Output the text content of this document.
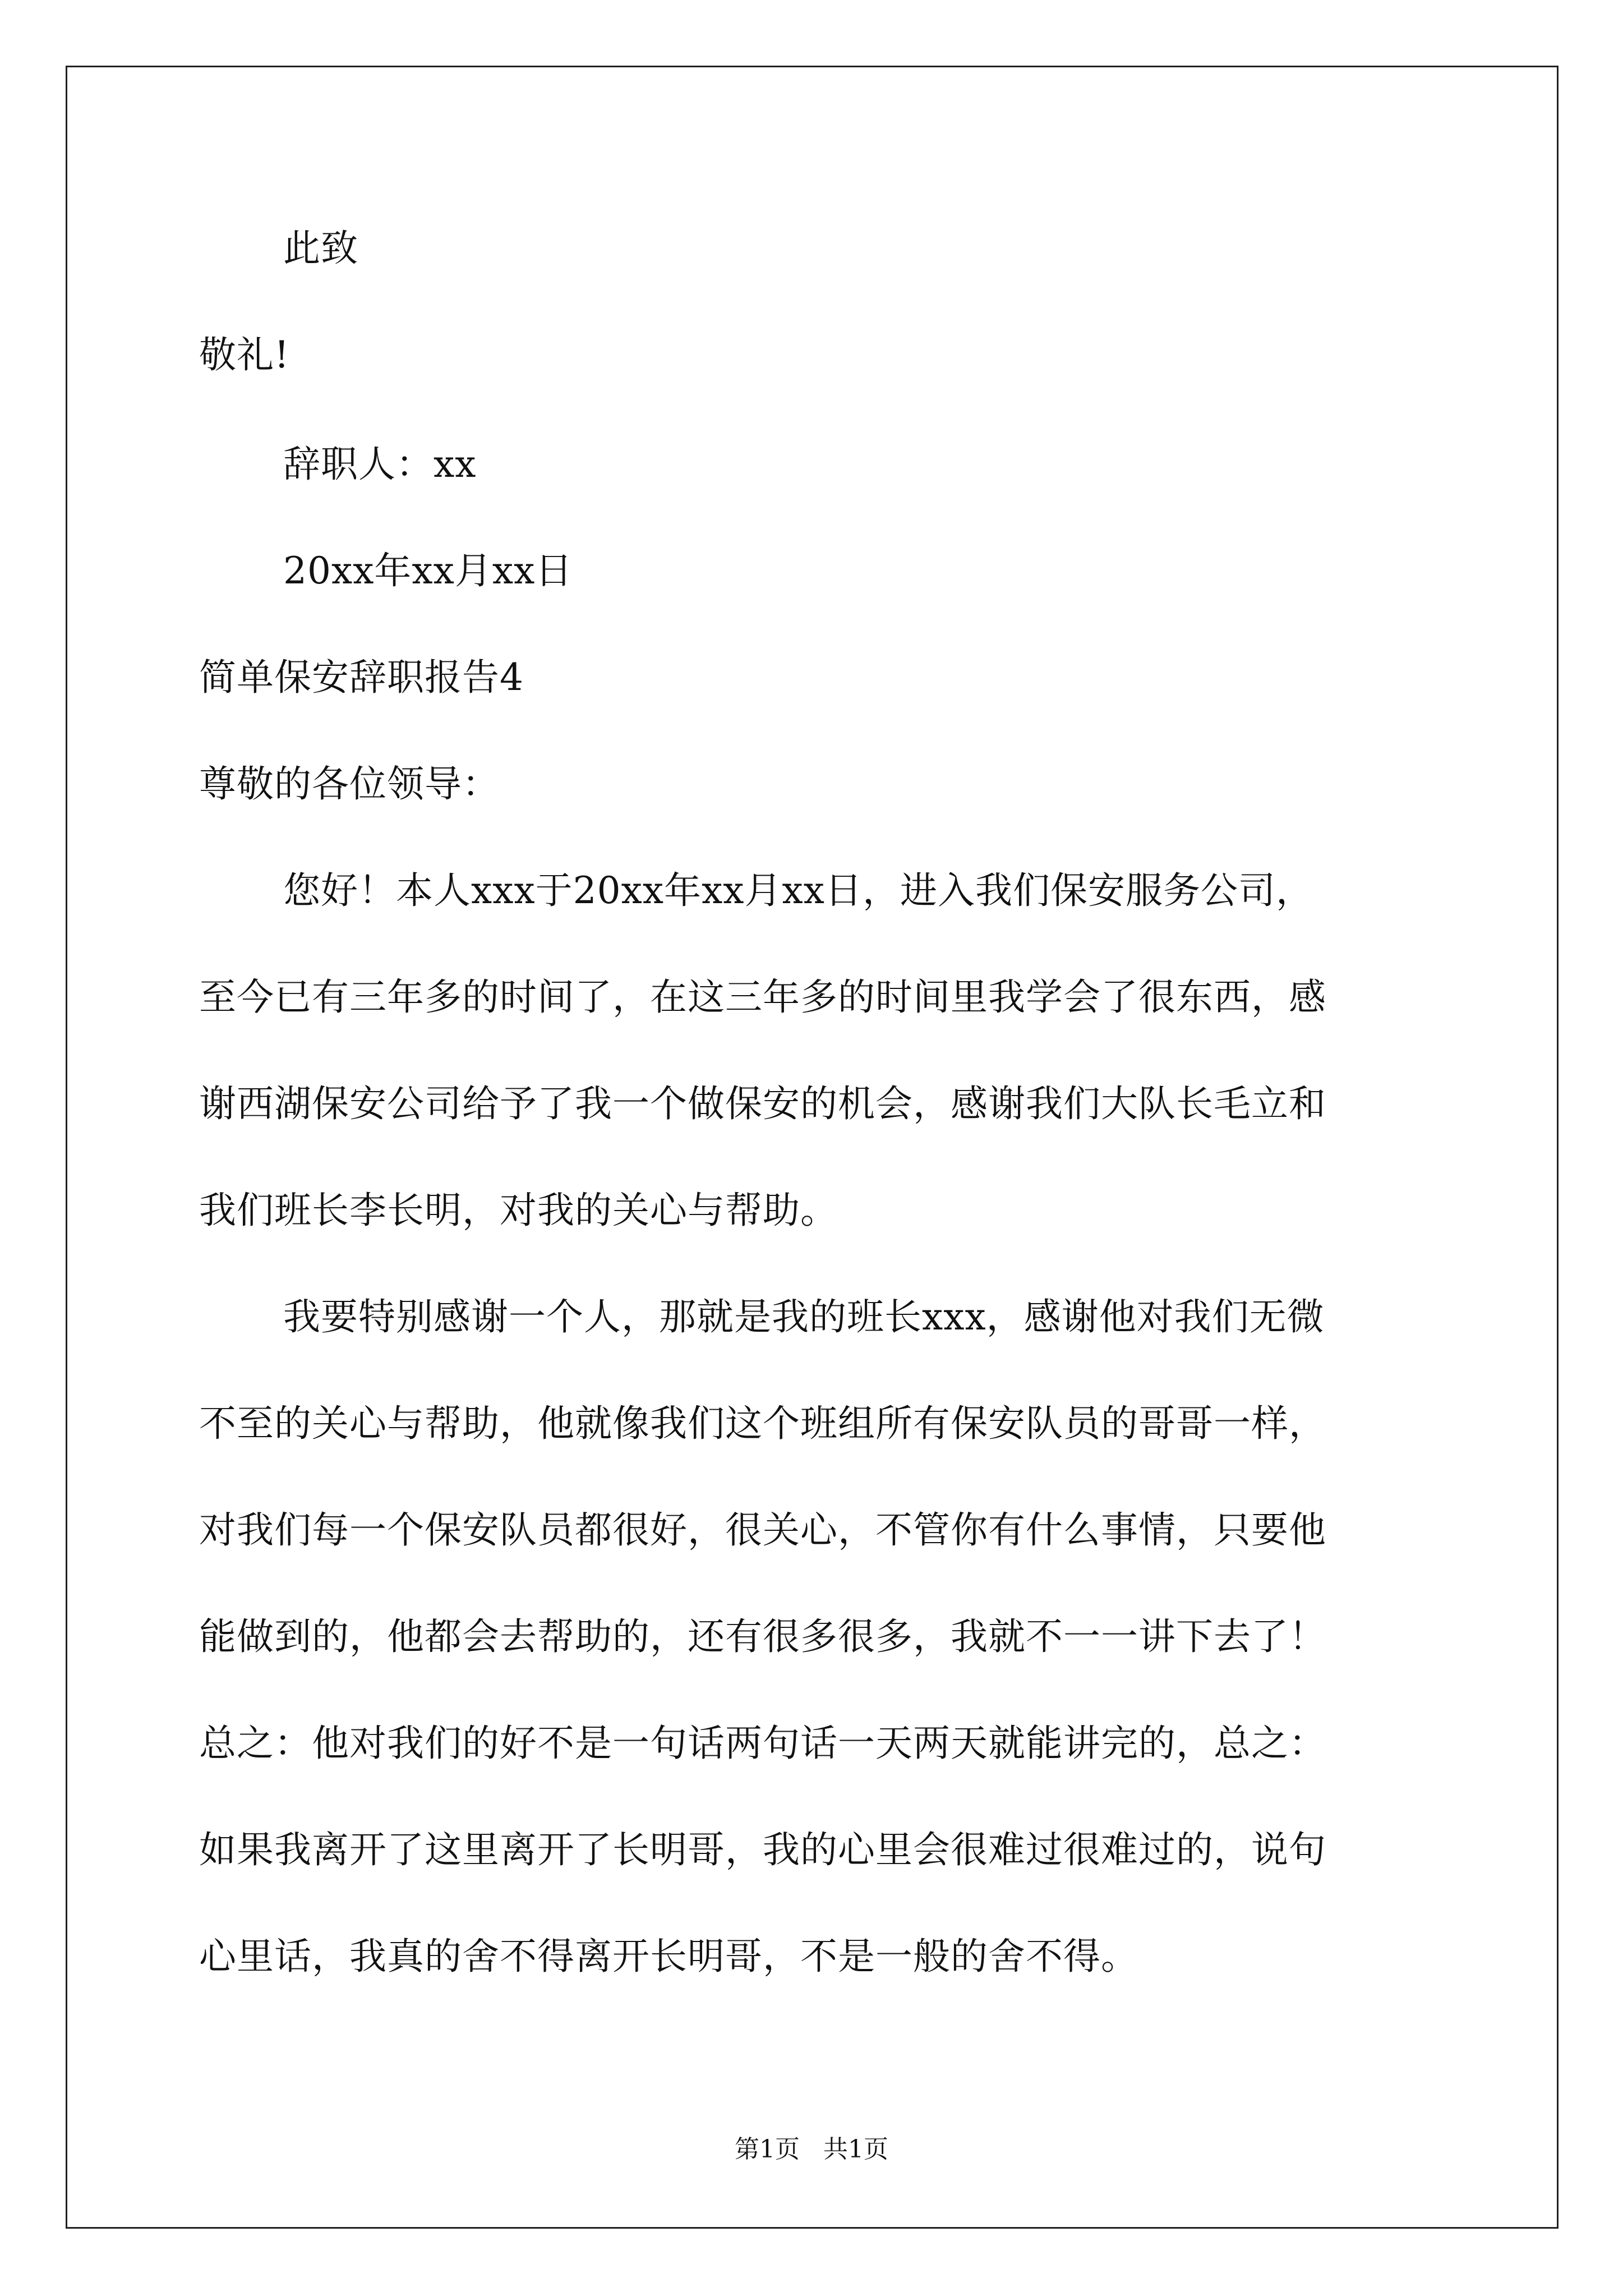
此致
敬礼!
辞职人：xx
20xx年xx月xx日
简单保安辞职报告4
尊敬的各位领导：
您好！本人xxx于20xx年xx月xx日，进入我们保安服务公司，
至今已有三年多的时间了，在这三年多的时间里我学会了很东西，感
谢西湖保安公司给予了我一个做保安的机会，感谢我们大队长毛立和
我们班长李长明，对我的关心与帮助。
我要特别感谢一个人，那就是我的班长xxx，感谢他对我们无微
不至的关心与帮助，他就像我们这个班组所有保安队员的哥哥一样，
对我们每一个保安队员都很好，很关心，不管你有什么事情，只要他
能做到的，他都会去帮助的，还有很多很多，我就不一一讲下去了！
总之：他对我们的好不是一句话两句话一天两天就能讲完的，总之：
如果我离开了这里离开了长明哥，我的心里会很难过很难过的，说句
心里话，我真的舍不得离开长明哥，不是一般的舍不得。
第1页   共1页
